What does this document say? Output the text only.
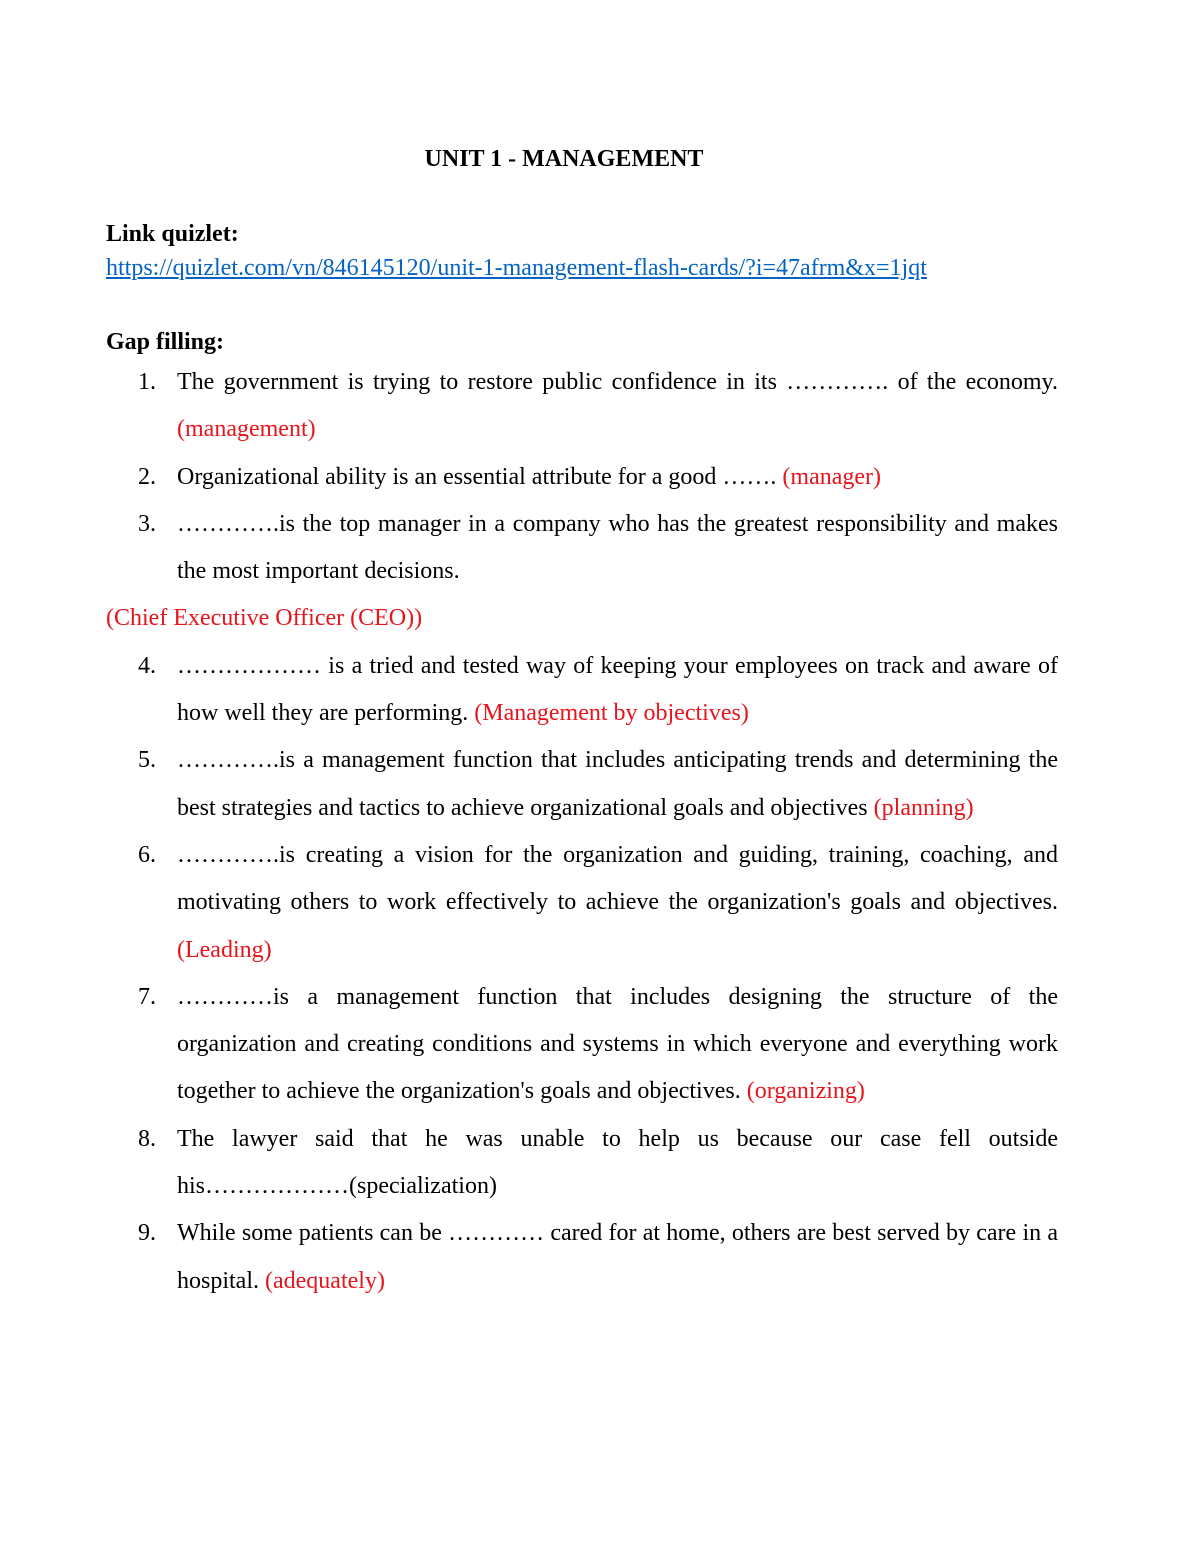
UNIT 1 - MANAGEMENT
Link quizlet:
https://quizlet.com/vn/846145120/unit-1-management-flash-cards/?i=47afrm&x=1jqt
Gap filling:
1. The government is trying to restore public confidence in its …………. of the economy. (management)
2. Organizational ability is an essential attribute for a good ……. (manager)
3. ………….is the top manager in a company who has the greatest responsibility and makes the most important decisions.
(Chief Executive Officer (CEO))
4. ……………… is a tried and tested way of keeping your employees on track and aware of how well they are performing. (Management by objectives)
5. ………….is a management function that includes anticipating trends and determining the best strategies and tactics to achieve organizational goals and objectives (planning)
6. ………….is creating a vision for the organization and guiding, training, coaching, and motivating others to work effectively to achieve the organization's goals and objectives. (Leading)
7. …………is a management function that includes designing the structure of the organization and creating conditions and systems in which everyone and everything work together to achieve the organization's goals and objectives. (organizing)
8. The lawyer said that he was unable to help us because our case fell outside his………………(specialization)
9. While some patients can be ………… cared for at home, others are best served by care in a hospital. (adequately)
